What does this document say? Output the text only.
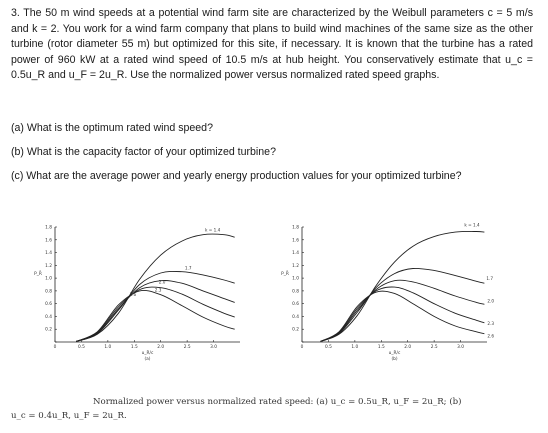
3. The 50 m wind speeds at a potential wind farm site are characterized by the Weibull parameters c = 5 m/s and k = 2. You work for a wind farm company that plans to build wind machines of the same size as the other turbine (rotor diameter 55 m) but optimized for this site, if necessary. It is known that the turbine has a rated power of 960 kW at a rated wind speed of 10.5 m/s at hub height. You conservatively estimate that u_c = 0.5u_R and u_F = 2u_R. Use the normalized power versus normalized rated speed graphs.

(a) What is the optimum rated wind speed?
(b) What is the capacity factor of your optimized turbine?
(c) What are the average power and yearly energy production values for your optimized turbine?
0	0.5	1.0	1.5	2.0	2.5	3.0
0.2
0.4
0.6
0.8
1.0
1.2
1.4
1.6
1.8
u_R/c
P_R̄
(a)
k = 1.4
1.7
2.0
2.3
2.6
0	0.5	1.0	1.5	2.0	2.5	3.0
0.2
0.4
0.6
0.8
1.0
1.2
1.4
1.6
1.8
u_R/c
P_R̄
(b)
k = 1.4
1.7
2.0
2.3
2.6
Normalized power versus normalized rated speed: (a) u_c = 0.5u_R, u_F = 2u_R; (b)
u_c = 0.4u_R, u_F = 2u_R.
